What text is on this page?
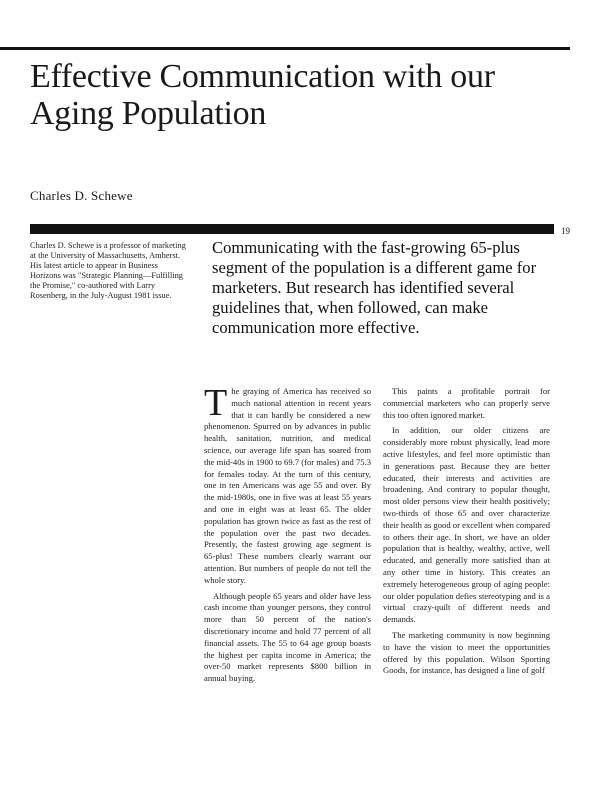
Effective Communication with our Aging Population
Charles D. Schewe
19

Charles D. Schewe is a professor of marketing at the University of Massachusetts, Amherst. His latest article to appear in Business Horizons was "Strategic Planning—Fulfilling the Promise," co-authored with Larry Rosenberg, in the July-August 1981 issue.

Communicating with the fast-growing 65-plus segment of the population is a different game for marketers. But research has identified several guidelines that, when followed, can make communication more effective.

The graying of America has received so much national attention in recent years that it can hardly be considered a new phenomenon. Spurred on by advances in public health, sanitation, nutrition, and medical science, our average life span has soared from the mid-40s in 1900 to 69.7 (for males) and 75.3 for females today. At the turn of this century, one in ten Americans was age 55 and over. By the mid-1980s, one in five was at least 55 years and one in eight was at least 65. The older population has grown twice as fast as the rest of the population over the past two decades. Presently, the fastest growing age segment is 65-plus! These numbers clearly warrant our attention. But numbers of people do not tell the whole story.

Although people 65 years and older have less cash income than younger persons, they control more than 50 percent of the nation's discretionary income and hold 77 percent of all financial assets. The 55 to 64 age group boasts the highest per capita income in America; the over-50 market represents $800 billion in annual buying.

This paints a profitable portrait for commercial marketers who can properly serve this too often ignored market.

In addition, our older citizens are considerably more robust physically, lead more active lifestyles, and feel more optimistic than in generations past. Because they are better educated, their interests and activities are broadening. And contrary to popular thought, most older persons view their health positively; two-thirds of those 65 and over characterize their health as good or excellent when compared to others their age. In short, we have an older population that is healthy, wealthy, active, well educated, and generally more satisfied than at any other time in history. This creates an extremely heterogeneous group of aging people: our older population defies stereotyping and is a virtual crazy-quilt of different needs and demands.

The marketing community is now beginning to have the vision to meet the opportunities offered by this population. Wilson Sporting Goods, for instance, has designed a line of golf
